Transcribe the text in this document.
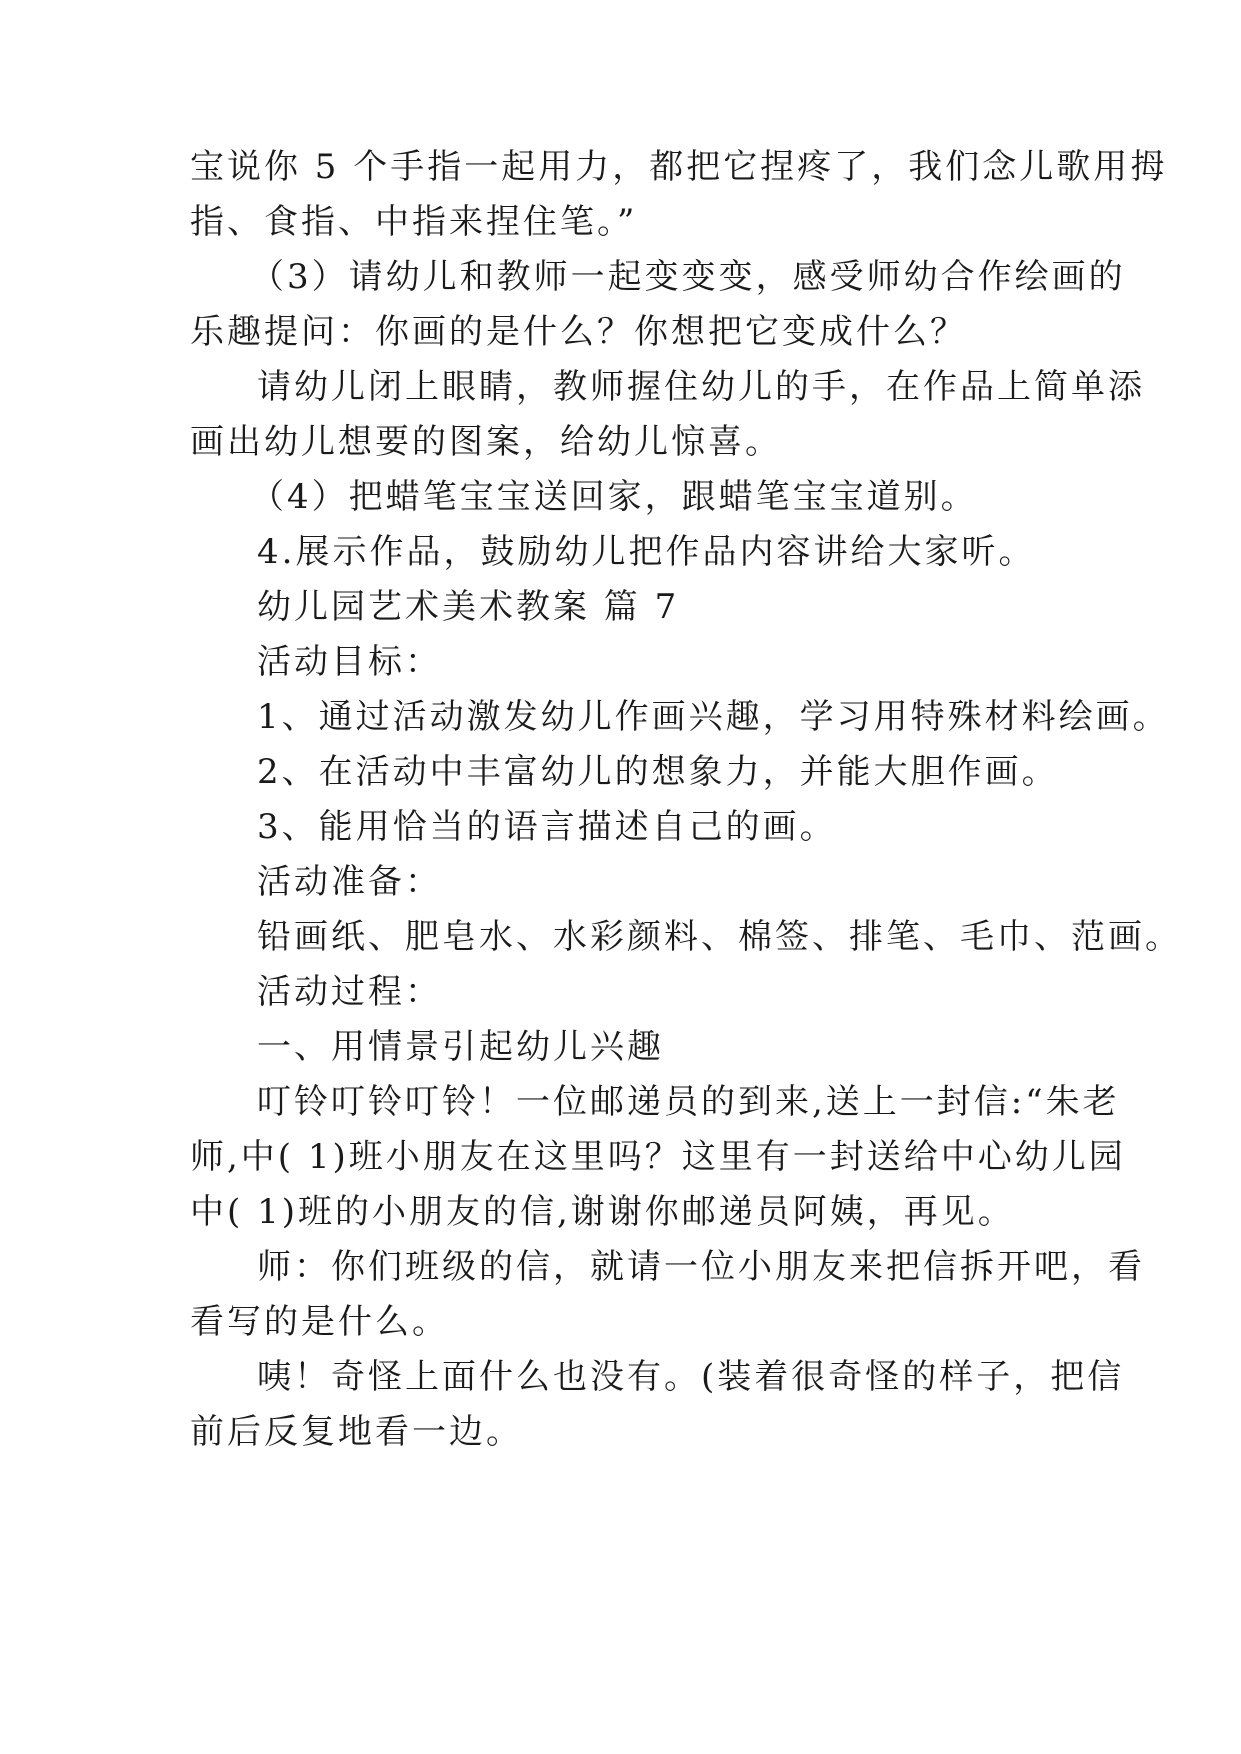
宝说你 5 个手指一起用力，都把它捏疼了，我们念儿歌用拇
指、食指、中指来捏住笔。”
（3）请幼儿和教师一起变变变，感受师幼合作绘画的
乐趣提问：你画的是什么？你想把它变成什么？
请幼儿闭上眼睛，教师握住幼儿的手，在作品上简单添
画出幼儿想要的图案，给幼儿惊喜。
（4）把蜡笔宝宝送回家，跟蜡笔宝宝道别。
4.展示作品，鼓励幼儿把作品内容讲给大家听。
幼儿园艺术美术教案 篇 7
活动目标：
1、通过活动激发幼儿作画兴趣，学习用特殊材料绘画。
2、在活动中丰富幼儿的想象力，并能大胆作画。
3、能用恰当的语言描述自己的画。
活动准备：
铅画纸、肥皂水、水彩颜料、棉签、排笔、毛巾、范画。
活动过程：
一、用情景引起幼儿兴趣
叮铃叮铃叮铃！一位邮递员的到来,送上一封信:“朱老
师,中( 1)班小朋友在这里吗？这里有一封送给中心幼儿园
中( 1)班的小朋友的信,谢谢你邮递员阿姨，再见。
师：你们班级的信，就请一位小朋友来把信拆开吧，看
看写的是什么。
咦！奇怪上面什么也没有。(装着很奇怪的样子，把信
前后反复地看一边。
